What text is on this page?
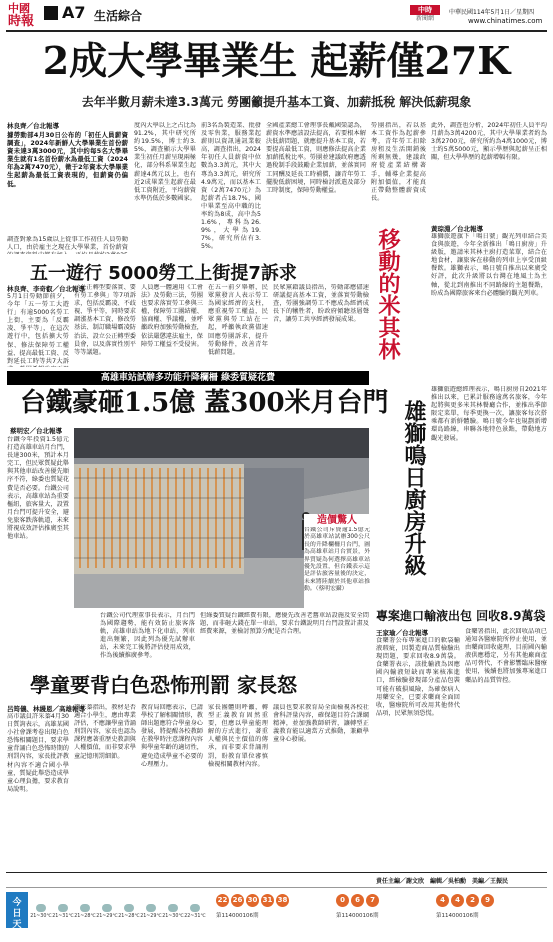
中國
時報	A7 生活綜合	中時
新聞網
中華民國114年5月1日／星期四
www.chinatimes.com
2成大學畢業生 起薪僅27K
去年半數月薪未達3.3萬元 勞團籲提升基本工資、加薪抵稅 解決低薪現象
林良齊／台北報導
據勞動部4月30日公布的「初任人員薪資調查」，2024年新鮮人大學畢業生首份薪資未達3萬3000元，其中約每5名大學畢業生就有1名首份薪水為最低工資（2024年為2萬7470元），徵于2年資本大學畢業生起薪為最低工資表現的，但薪資仍偏低。
調查對象為15歲以上從事工作初任人員勞動人口，由於雇主之現在大學畢業，首份薪資
度內大學以上之占比為91.2%，其中研究所約19.5%，博士約3.5%，調查顯示大學畢業生初任月薪呈現兩極化，部分科系畢業生起薪達4萬元以上，也有近2成畢業生起薪在最低工資附近，平均薪資水準仍低於多數國家。
前3名為製造業、批發及零售業，服務業起薪則以資訊通訊業較高，調查指出，2024年初任人員薪資中位數為3.3萬元，其中大專為3.3萬元，研究所4.9萬元，而以基本工資（2萬7470元）為起薪者占18.7%，國中畢業至高中職的比率約為8成，高中為51.6%，專科為26.9%，大學為19.7%，研究所佔有3.5%。
全國產業總工會理事長戴國榮認為，薪資水準應該設法提高，若要根本解決低薪問題，就應提升基本工資，若要提高最低工資，則應修法提高企業加薪抵稅比率。勞團並建議政府應透過稅制手段鼓勵企業加薪，並落實同工同酬及延長工時補償，讓青年勞工擺脫低薪困境，同時檢討派遣及部分工時制度，保障勞動權益。
勞團指出，若以基本工資作為起薪參考，青年勞工扣除房租及生活開銷後所剩無幾，建議政府從產業結構著手，輔導企業提高附加價值，才能真正帶動整體薪資成長。
此外，調查也分析，2024年初任人員平均月薪為3萬4200元，其中大學畢業者約為3萬2700元，研究所約為4萬1000元，博士約5萬5000元，顯示學歷與起薪呈正相關，但大學學歷的起薪增幅有限。
五一遊行 5000勞工上街提7訴求
林良齊、李奇叡／台北報導
5月1日勞動節前夕，今年「五一勞工大遊行」有逾5000名勞工上街，主要為「反霸凌、爭平等」，在這次遊行中，包括擴大勞保、修法保障勞工權益、提高最低工資、反對延長工時等共7大訴
「公正轉型要落實、要有勞工參與」等7項訴求，包括反霸凌、不歧視、爭平等，同時要求調漲基本工資、修改勞基法、制訂職場霸凌防治法、設立公正轉型委員會，以及落實性別平等等議題。
人員應一體適用《工會法》及勞動三法，勞團也要求落實勞工參與三權，保障勞工團結權、協商權、爭議權，並呼籲政府加強勞動檢查，依法嚴懲違法雇主，保障勞工權益不受侵害。
在五一前夕舉辦，民眾黨發言人表示勞工為國家經濟的支柱，應重視勞工權益，民眾黨與勞工站在一起，呼籲執政黨儘速回應勞團訴求，提升勞動條件，改善青年低薪問題。
民眾黨籍議員指出，勞動部應儘速研議提高基本工資，並落實勞動檢查，勞團強調勞工不應成為經濟成長下的犧牲者，盼政府傾聽基層聲音，讓勞工共享經濟發展成果。
高雄車站試辦多功能升降欄柵 綠委質疑花費
台鐵豪砸1.5億 蓋300米月台門
蔡明宏／台北報導
台鐵今年投資1.5億元打造高雄車站月台門，長達300米，預計本月完工，但民眾質疑此舉與其他車站改善優先順序不符，綠委也質疑花費是否必要。台鐵公司表示，高雄車站為重要樞紐，旅客量大，設置月台門可提升安全，避免旅客跌落軌道，未來將視成效評估推廣至其他車站。
造價驚人
台鐵公司斥資逾1.5億元於高雄車站試辦300公尺長的升降欄柵月台門，圖為高雄車站月台實景，外界質疑為何選擇高雄車站優先設置，但台鐵表示這是評估旅客量後的決定，未來將陸續於其他車站推動。（蔡明宏攝）
台鐵公司代理董事長表示，月台門為國際趨勢，能有效防止旅客落軌，高雄車站為地下化車站，列車進出頻繁，因此列為優先試辦車站，未來完工後將評估使用成效，作為後續推廣參考。
但綠委質疑台鐵經費有限，應優先改善老舊車站設施及安全問題，而非砸大錢在單一車站，要求台鐵說明月台門設置計畫及經費來源，並檢討預算分配是否合理。
移動的米其林
雄獅鳴日廚房升級
黃琮淵／台北報導
雄獅旅遊旗下「鳴日號」觀光列車結合美食與旅遊，今年全新推出「鳴日廚房」升級版，邀請米其林主廚打造菜單，結合在地食材，讓旅客在移動的列車上享受頂級餐飲。雄獅表示，鳴日號自推出以來廣受好評，此次升級將以台灣在地風土為主軸，從北到南推出不同路線的主題餐點，盼成為國際旅客來台必體驗的觀光列車。
雄獅旅遊總經理表示，鳴日廚房自2021年推出以來，已累計服務逾萬名旅客，今年起將與更多米其林餐廳合作，並推出季節限定菜單，每季更換一次，讓旅客每次搭乘都有新鮮體驗。鳴日號今年也規劃新增環島路線，串聯各地特色景點，帶動地方觀光發展。
專案進口輸液出包 回收8.9萬袋
王家瑜／台北報導
食藥署公布專案進口的軟袋輸液瑕疵，因製造商品質檢驗出現問題，要求回收8.9萬袋。食藥署表示，該批輸液為因應國內輸液短缺而專案核准進口，經檢驗發現部分產品包裝可能有破損風險，為確保病人用藥安全，已要求藥商全面回收，醫療院所可改用其他替代品項，民眾無須恐慌。
食藥署指出，此次回收品項已通知各醫療院所停止使用，並由藥商回收處理，目前國內輸液供應穩定，另有其他廠商產品可替代，不會影響臨床醫療使用，後續也將加強專案進口藥品的品質管控。
學童要背白色恐怖刑罰 家長怒
呂筠儀、林縵恩／高雄報導
高市議員許采蓁4月30日質詢表示，高雄某國小社會課考卷出現白色恐怖相關題目，要求學童背誦白色恐怖時期的刑罰內容，家長批評教材內容不適合國小學童，質疑此舉恐造成學童心理負擔，要求教育局說明。
許采蓁指出，教材是否適合小學生，應由專業評估，不應讓學童背誦刑罰內容，家長也認為課程應著重歷史教訓與人權價值，而非要求學童記憶刑罰細節。
教育局回應表示，已請學校了解相關情形，教師出題應符合學童身心發展，將提醒各校教師在教學時注意課程內容與學童年齡的適切性，避免造成學童不必要的心理壓力。
家長團體則呼籲，轉型正義教育固然重要，但應以學童能理解的方式進行，著重人權與民主價值的傳承，而非要求背誦刑罰，盼教育單位審慎檢視相關教材內容。
議員也要求教育局全面檢視各校社會科評量內容，確保題目符合課綱精神，並加強教師研習，讓轉型正義教育能以適當方式推動，兼顧學童身心發展。
責任主編／謝文欣　編輯／吳柏勳　美編／王振民
今日天氣
21~30℃ 21~31℃ 21~28℃ 21~29℃ 21~28℃ 21~29℃ 21~30℃ 22~31℃
22 26 30 31 38
第114000106期
0	6	7
第114000106期
4	4	2	9
第114000106期
